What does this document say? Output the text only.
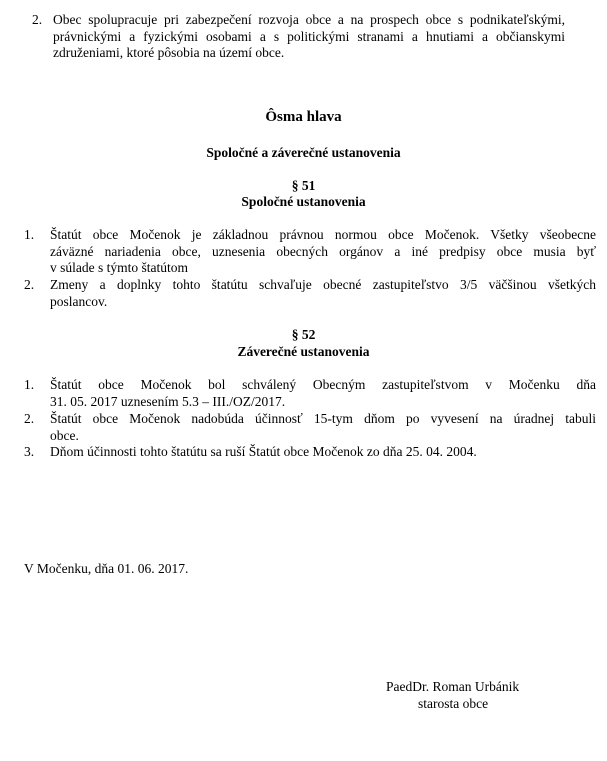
2. Obec spolupracuje pri zabezpečení rozvoja obce a na prospech obce s podnikateľskými,
právnickými a fyzickými osobami a s politickými stranami a hnutiami a občianskymi
združeniami, ktoré pôsobia na území obce.
Ôsma hlava
Spoločné a záverečné ustanovenia
§ 51
Spoločné ustanovenia
1. Štatút obce Močenok je základnou právnou normou obce Močenok. Všetky všeobecne
záväzné nariadenia obce, uznesenia obecných orgánov a iné predpisy obce musia byť
v súlade s týmto štatútom
2. Zmeny a doplnky tohto štatútu schvaľuje obecné zastupiteľstvo 3/5 väčšinou všetkých
poslancov.
§ 52
Záverečné ustanovenia
1. Štatút obce Močenok bol schválený Obecným zastupiteľstvom v Močenku dňa
31. 05. 2017 uznesením 5.3 – III./OZ/2017.
2. Štatút obce Močenok nadobúda účinnosť 15-tym dňom po vyvesení na úradnej tabuli
obce.
3. Dňom účinnosti tohto štatútu sa ruší Štatút obce Močenok zo dňa 25. 04. 2004.
V Močenku, dňa 01. 06. 2017.
PaedDr. Roman Urbánik
starosta obce
